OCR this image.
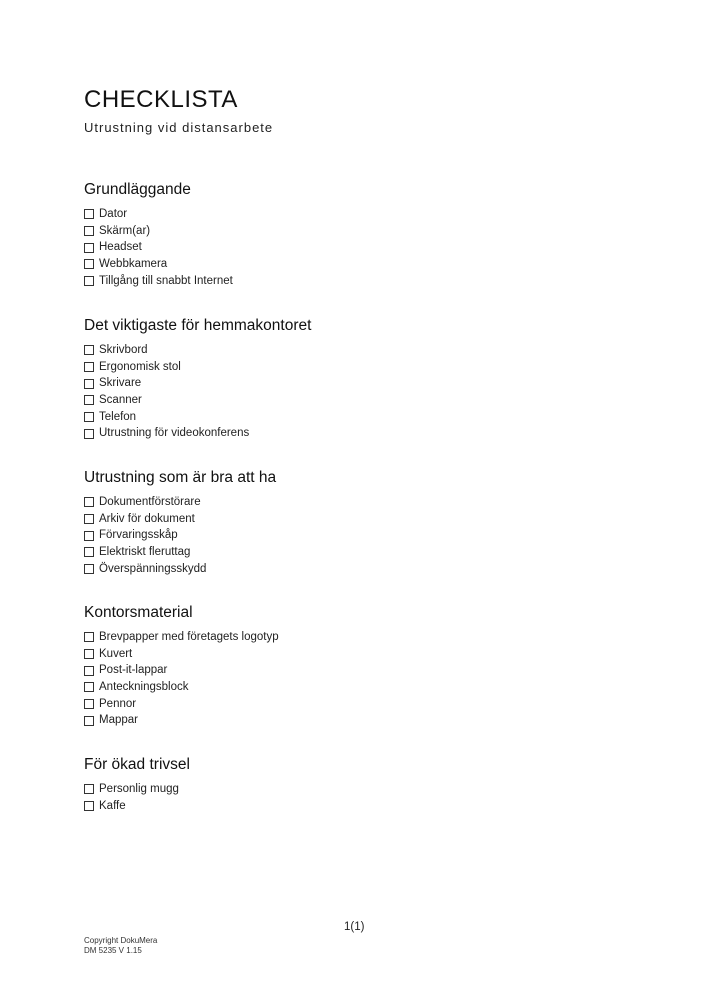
CHECKLISTA
Utrustning vid distansarbete
Grundläggande
Dator
Skärm(ar)
Headset
Webbkamera
Tillgång till snabbt Internet
Det viktigaste för hemmakontoret
Skrivbord
Ergonomisk stol
Skrivare
Scanner
Telefon
Utrustning för videokonferens
Utrustning som är bra att ha
Dokumentförstörare
Arkiv för dokument
Förvaringsskåp
Elektriskt fleruttag
Överspänningsskydd
Kontorsmaterial
Brevpapper med företagets logotyp
Kuvert
Post-it-lappar
Anteckningsblock
Pennor
Mappar
För ökad trivsel
Personlig mugg
Kaffe
1(1)
Copyright DokuMera
DM 5235 V 1.15
